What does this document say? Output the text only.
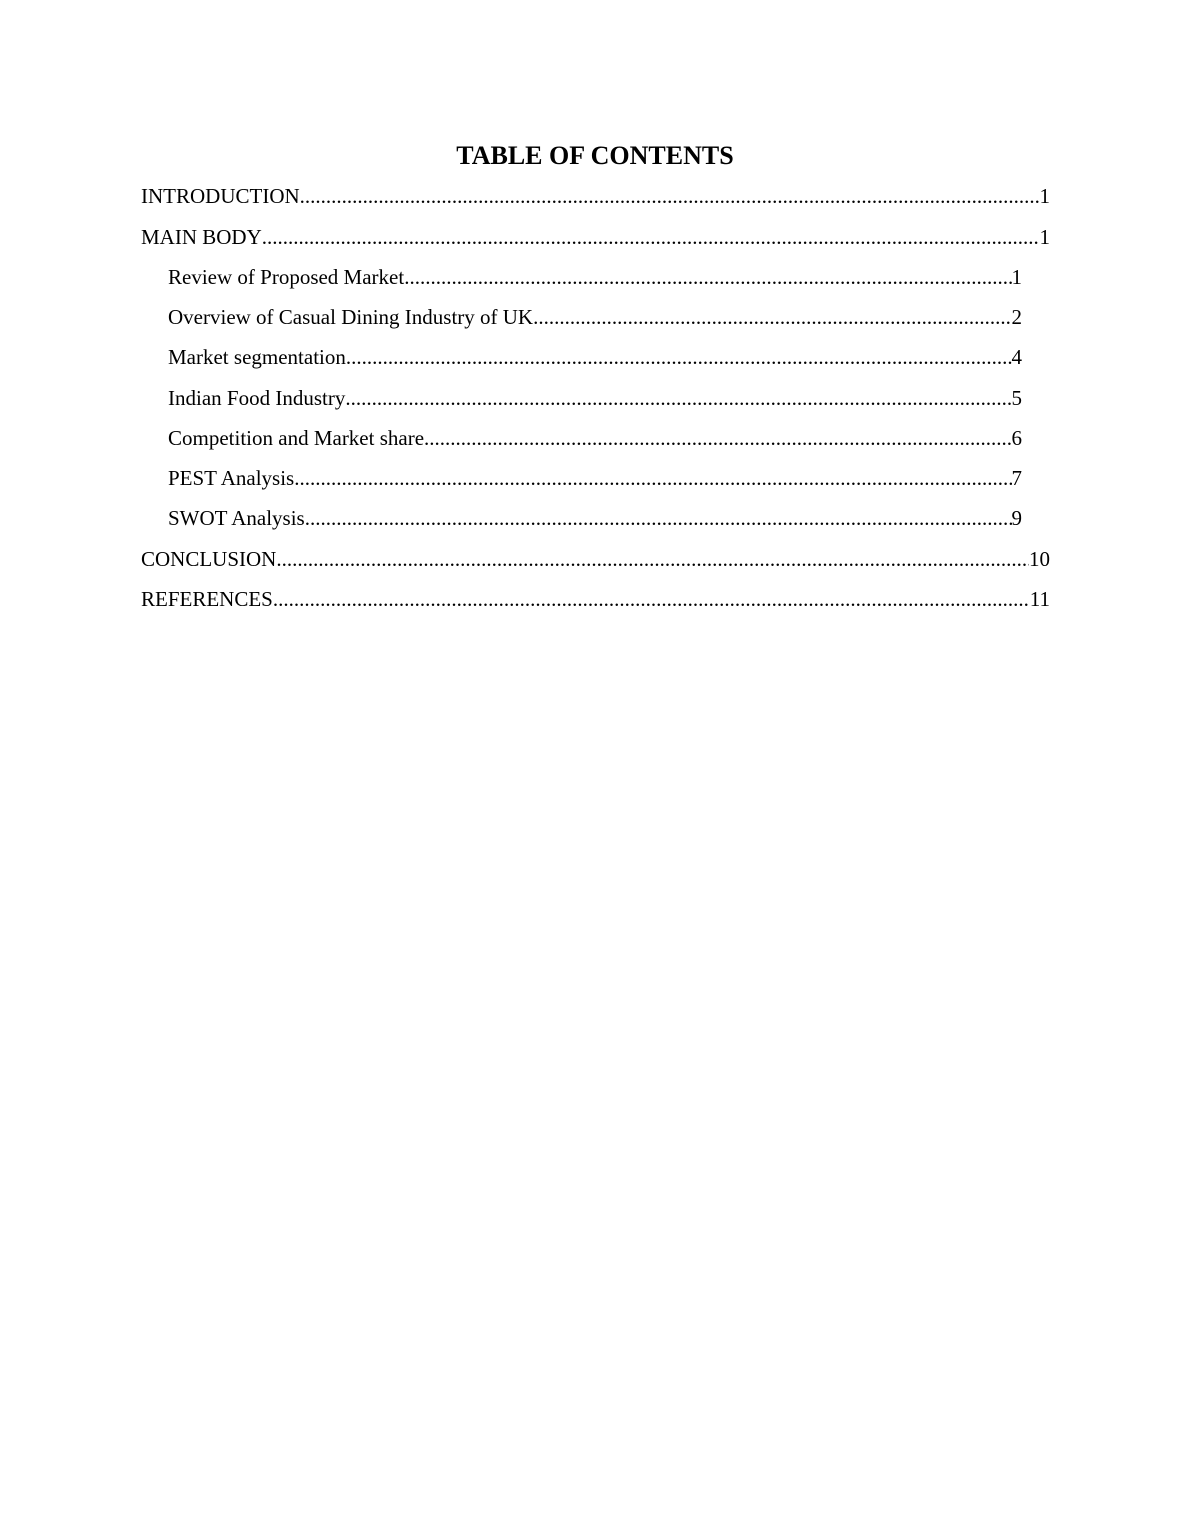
TABLE OF CONTENTS
INTRODUCTION .....	1
MAIN BODY .....	1
Review of Proposed Market .....	1
Overview of Casual Dining Industry of UK .....	2
Market segmentation .....	4
Indian Food Industry .....	5
Competition and Market share .....	6
PEST Analysis .....	7
SWOT Analysis .....	9
CONCLUSION .....	10
REFERENCES .....	11
